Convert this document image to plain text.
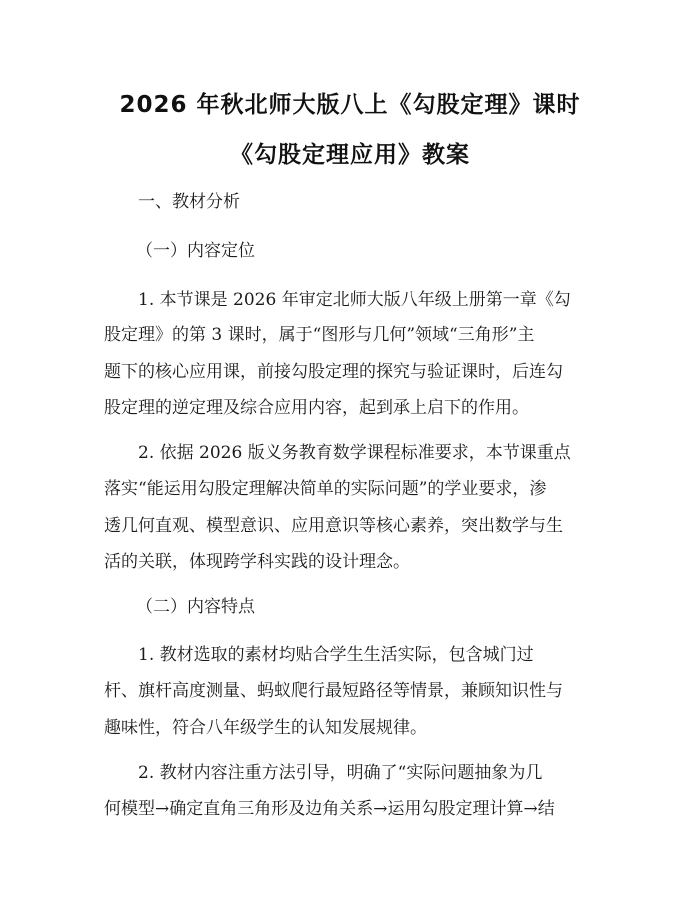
2026 年秋北师大版八上《勾股定理》课时
《勾股定理应用》教案
一、教材分析
（一）内容定位
1. 本节课是 2026 年审定北师大版八年级上册第一章《勾
股定理》的第 3 课时，属于“图形与几何”领域“三角形”主
题下的核心应用课，前接勾股定理的探究与验证课时，后连勾
股定理的逆定理及综合应用内容，起到承上启下的作用。
2. 依据 2026 版义务教育数学课程标准要求，本节课重点
落实“能运用勾股定理解决简单的实际问题”的学业要求，渗
透几何直观、模型意识、应用意识等核心素养，突出数学与生
活的关联，体现跨学科实践的设计理念。
（二）内容特点
1. 教材选取的素材均贴合学生生活实际，包含城门过
杆、旗杆高度测量、蚂蚁爬行最短路径等情景，兼顾知识性与
趣味性，符合八年级学生的认知发展规律。
2. 教材内容注重方法引导，明确了“实际问题抽象为几
何模型→确定直角三角形及边角关系→运用勾股定理计算→结
